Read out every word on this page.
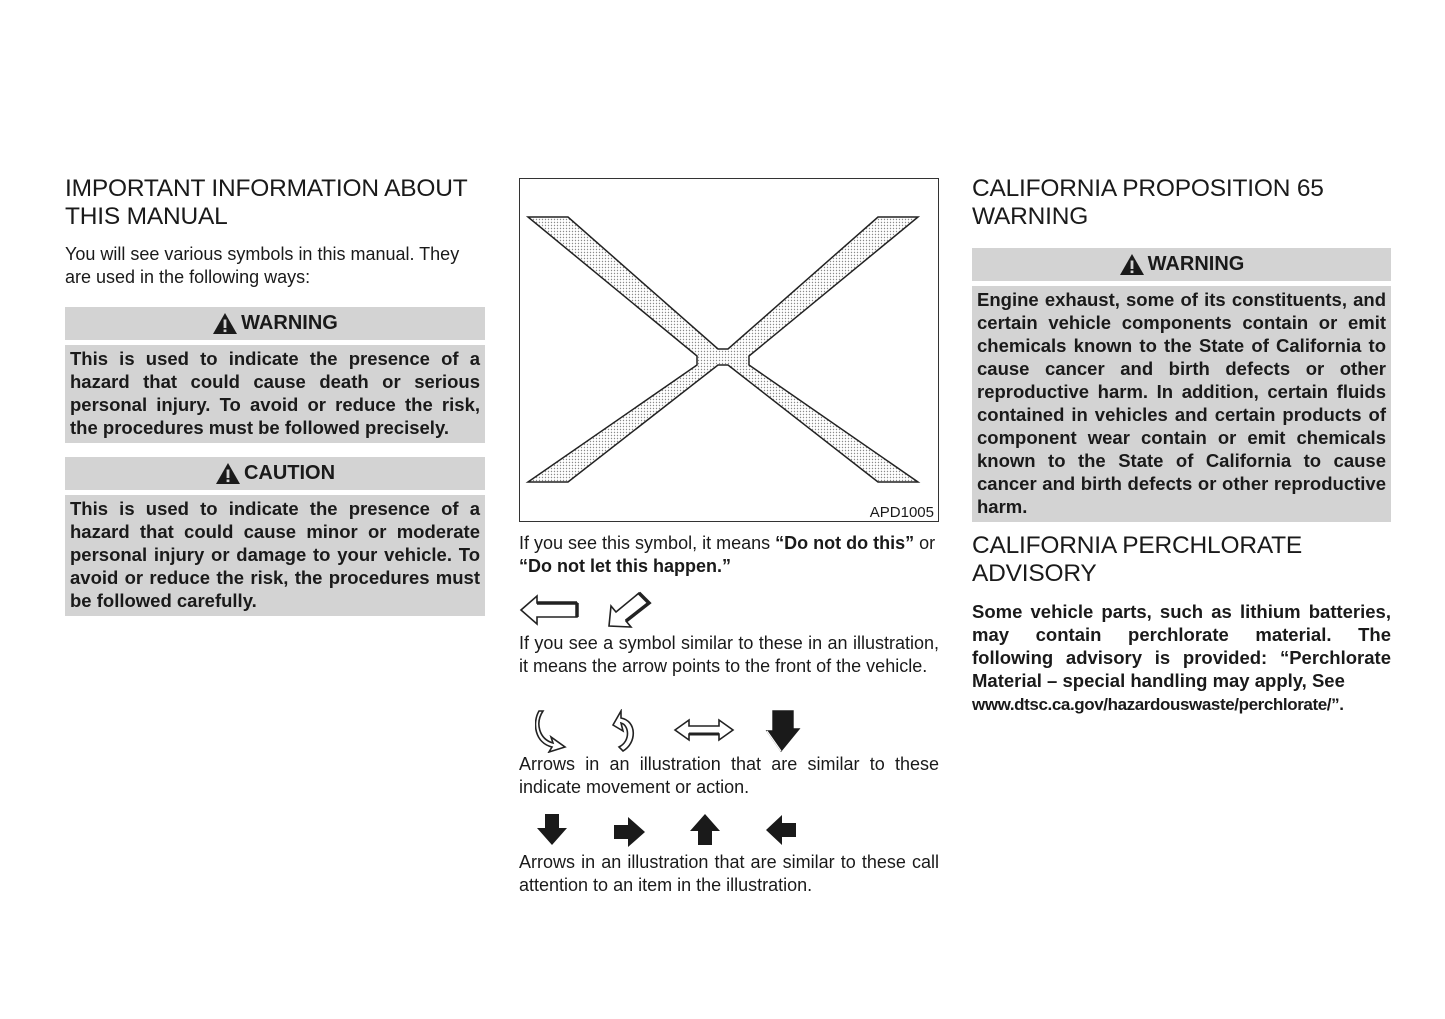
IMPORTANT INFORMATION ABOUT
THIS MANUAL

You will see various symbols in this manual. They are used in the following ways:

WARNING
This is used to indicate the presence of a hazard that could cause death or serious personal injury. To avoid or reduce the risk, the procedures must be followed precisely.
CAUTION
This is used to indicate the presence of a hazard that could cause minor or moderate personal injury or damage to your vehicle. To avoid or reduce the risk, the procedures must be followed carefully.
APD1005

If you see this symbol, it means “Do not do this” or “Do not let this happen.”

If you see a symbol similar to these in an illustration, it means the arrow points to the front of the vehicle.

Arrows in an illustration that are similar to these indicate movement or action.

Arrows in an illustration that are similar to these call attention to an item in the illustration.

CALIFORNIA PROPOSITION 65
WARNING
WARNING
Engine exhaust, some of its constituents, and certain vehicle components contain or emit chemicals known to the State of California to cause cancer and birth defects or other reproductive harm. In addition, certain fluids contained in vehicles and certain products of component wear contain or emit chemicals known to the State of California to cause cancer and birth defects or other reproductive harm.
CALIFORNIA PERCHLORATE
ADVISORY

Some vehicle parts, such as lithium batteries, may contain perchlorate material. The following advisory is provided: “Perchlorate Material – special handling may apply, See
www.dtsc.ca.gov/hazardouswaste/perchlorate/”.
